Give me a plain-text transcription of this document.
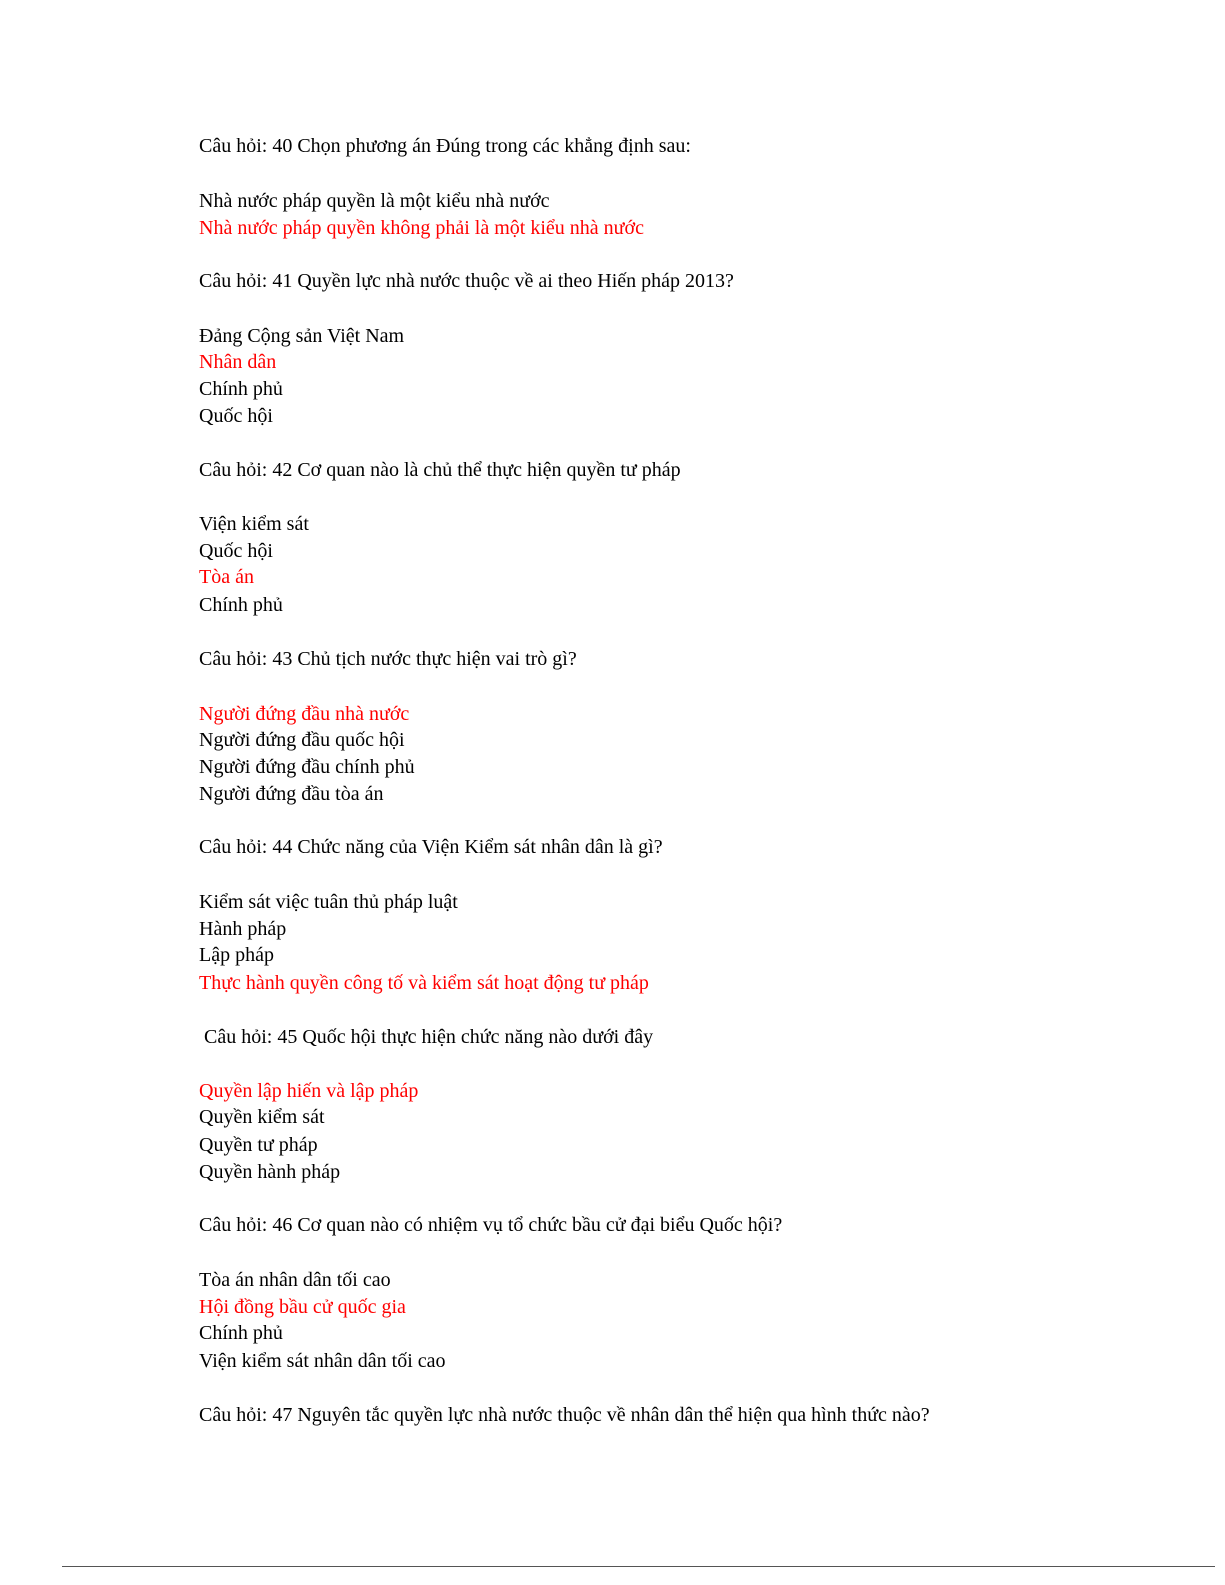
Câu hỏi: 40 Chọn phương án Đúng trong các khẳng định sau:
Nhà nước pháp quyền là một kiểu nhà nước
Nhà nước pháp quyền không phải là một kiểu nhà nước
Câu hỏi: 41 Quyền lực nhà nước thuộc về ai theo Hiến pháp 2013?
Đảng Cộng sản Việt Nam
Nhân dân
Chính phủ
Quốc hội
Câu hỏi: 42 Cơ quan nào là chủ thể thực hiện quyền tư pháp
Viện kiểm sát
Quốc hội
Tòa án
Chính phủ
Câu hỏi: 43 Chủ tịch nước thực hiện vai trò gì?
Người đứng đầu nhà nước
Người đứng đầu quốc hội
Người đứng đầu chính phủ
Người đứng đầu tòa án
Câu hỏi: 44 Chức năng của Viện Kiểm sát nhân dân là gì?
Kiểm sát việc tuân thủ pháp luật
Hành pháp
Lập pháp
Thực hành quyền công tố và kiểm sát hoạt động tư pháp
Câu hỏi: 45 Quốc hội thực hiện chức năng nào dưới đây
Quyền lập hiến và lập pháp
Quyền kiểm sát
Quyền tư pháp
Quyền hành pháp
Câu hỏi: 46 Cơ quan nào có nhiệm vụ tổ chức bầu cử đại biểu Quốc hội?
Tòa án nhân dân tối cao
Hội đồng bầu cử quốc gia
Chính phủ
Viện kiểm sát nhân dân tối cao
Câu hỏi: 47 Nguyên tắc quyền lực nhà nước thuộc về nhân dân thể hiện qua hình thức nào?
